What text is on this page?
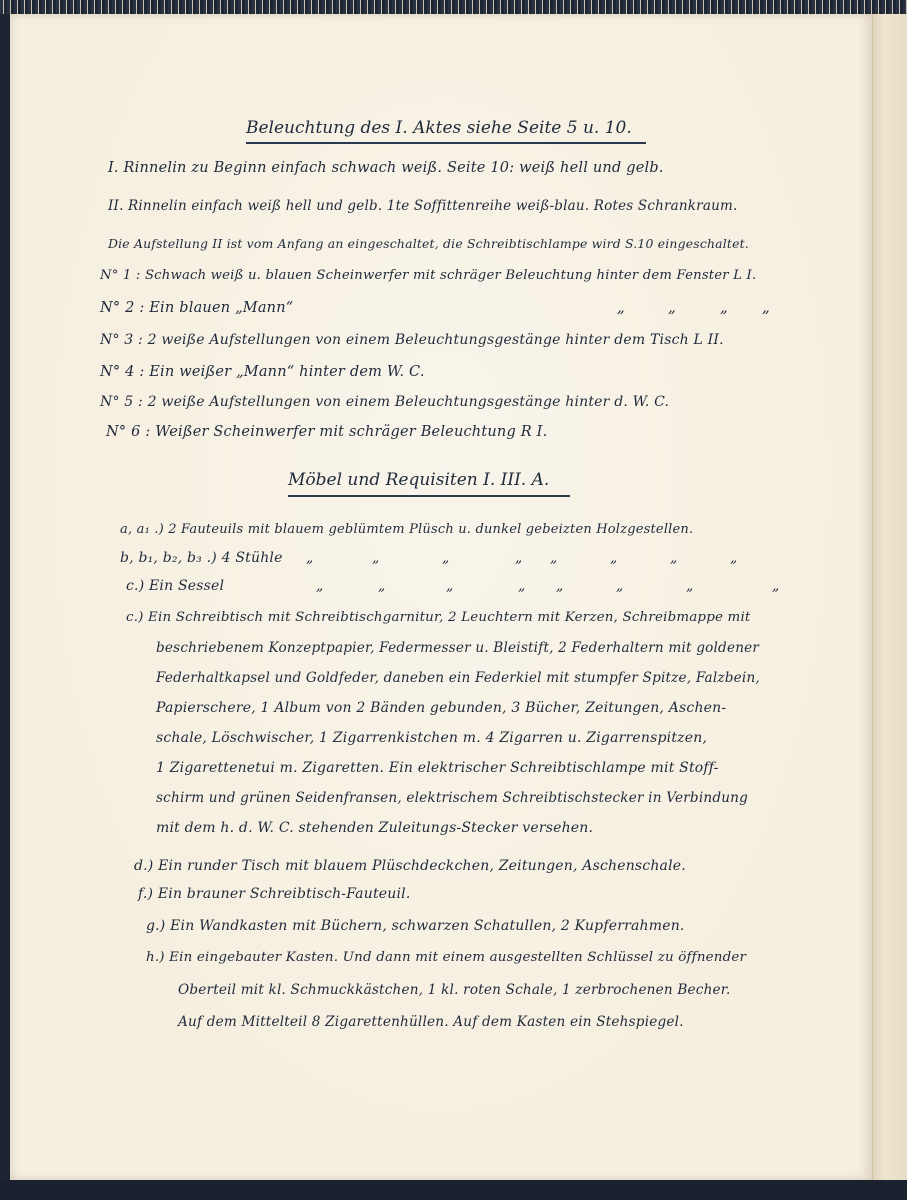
Beleuchtung des I. Aktes siehe Seite 5 u. 10.
I. Rinnelin zu Beginn einfach schwach weiß. Seite 10: weiß hell und gelb.
II. Rinnelin einfach weiß hell und gelb. 1te Soffittenreihe weiß-blau. Rotes Schrankraum.
Die Aufstellung II ist vom Anfang an eingeschaltet, die Schreibtischlampe wird S.10 eingeschaltet.
N° 1 : Schwach weiß u. blauen Scheinwerfer mit schräger Beleuchtung hinter dem Fenster L I.
N° 2 : Ein blauen „Mann“	„	„	„ „
N° 3 : 2 weiße Aufstellungen von einem Beleuchtungsgestänge hinter dem Tisch L II.
N° 4 : Ein weißer „Mann“ hinter dem W. C.
N° 5 : 2 weiße Aufstellungen von einem Beleuchtungsgestänge hinter d. W. C.
N° 6 : Weißer Scheinwerfer mit schräger Beleuchtung R I.
Möbel und Requisiten I. III. A.
a, a₁ .) 2 Fauteuils mit blauem geblümtem Plüsch u. dunkel gebeizten Holzgestellen.
b, b₁, b₂, b₃ .) 4 Stühle „	„	„	„ „	„	„	„
c.) Ein Sessel	„	„	„	„ „	„	„	„
c.) Ein Schreibtisch mit Schreibtischgarnitur, 2 Leuchtern mit Kerzen, Schreibmappe mit
beschriebenem Konzeptpapier, Federmesser u. Bleistift, 2 Federhaltern mit goldener
Federhaltkapsel und Goldfeder, daneben ein Federkiel mit stumpfer Spitze, Falzbein,
Papierschere, 1 Album von 2 Bänden gebunden, 3 Bücher, Zeitungen, Aschen-
schale, Löschwischer, 1 Zigarrenkistchen m. 4 Zigarren u. Zigarrenspitzen,
1 Zigarettenetui m. Zigaretten. Ein elektrischer Schreibtischlampe mit Stoff-
schirm und grünen Seidenfransen, elektrischem Schreibtischstecker in Verbindung
mit dem h. d. W. C. stehenden Zuleitungs-Stecker versehen.
d.) Ein runder Tisch mit blauem Plüschdeckchen, Zeitungen, Aschenschale.
f.) Ein brauner Schreibtisch-Fauteuil.
g.) Ein Wandkasten mit Büchern, schwarzen Schatullen, 2 Kupferrahmen.
h.) Ein eingebauter Kasten. Und dann mit einem ausgestellten Schlüssel zu öffnender
Oberteil mit kl. Schmuckkästchen, 1 kl. roten Schale, 1 zerbrochenen Becher.
Auf dem Mittelteil 8 Zigarettenhüllen. Auf dem Kasten ein Stehspiegel.
